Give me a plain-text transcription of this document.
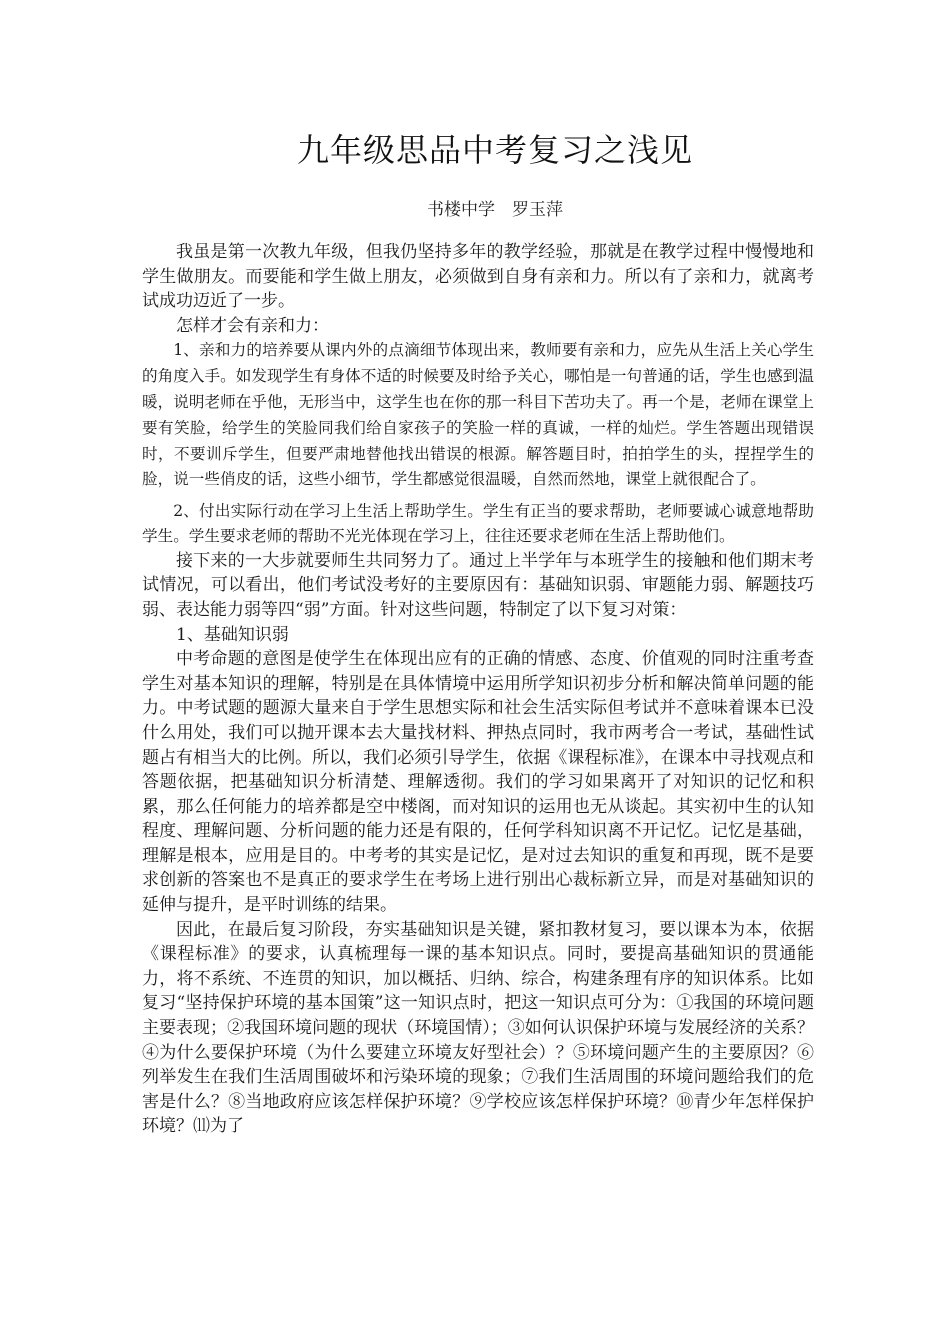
九年级思品中考复习之浅见
书楼中学　罗玉萍

我虽是第一次教九年级，但我仍坚持多年的教学经验，那就是在教学过程中慢慢地和学生做朋友。而要能和学生做上朋友，必须做到自身有亲和力。所以有了亲和力，就离考试成功迈近了一步。

怎样才会有亲和力：

1、亲和力的培养要从课内外的点滴细节体现出来，教师要有亲和力，应先从生活上关心学生的角度入手。如发现学生有身体不适的时候要及时给予关心，哪怕是一句普通的话，学生也感到温暖，说明老师在乎他，无形当中，这学生也在你的那一科目下苦功夫了。再一个是，老师在课堂上要有笑脸，给学生的笑脸同我们给自家孩子的笑脸一样的真诚，一样的灿烂。学生答题出现错误时，不要训斥学生，但要严肃地替他找出错误的根源。解答题目时，拍拍学生的头，捏捏学生的脸，说一些俏皮的话，这些小细节，学生都感觉很温暖，自然而然地，课堂上就很配合了。

2、付出实际行动在学习上生活上帮助学生。学生有正当的要求帮助，老师要诚心诚意地帮助学生。学生要求老师的帮助不光光体现在学习上，往往还要求老师在生活上帮助他们。

接下来的一大步就要师生共同努力了。通过上半学年与本班学生的接触和他们期末考试情况，可以看出，他们考试没考好的主要原因有：基础知识弱、审题能力弱、解题技巧弱、表达能力弱等四“弱”方面。针对这些问题，特制定了以下复习对策：

1、基础知识弱

中考命题的意图是使学生在体现出应有的正确的情感、态度、价值观的同时注重考查学生对基本知识的理解，特别是在具体情境中运用所学知识初步分析和解决简单问题的能力。中考试题的题源大量来自于学生思想实际和社会生活实际但考试并不意味着课本已没什么用处，我们可以抛开课本去大量找材料、押热点同时，我市两考合一考试，基础性试题占有相当大的比例。所以，我们必须引导学生，依据《课程标准》，在课本中寻找观点和答题依据，把基础知识分析清楚、理解透彻。我们的学习如果离开了对知识的记忆和积累，那么任何能力的培养都是空中楼阁，而对知识的运用也无从谈起。其实初中生的认知程度、理解问题、分析问题的能力还是有限的，任何学科知识离不开记忆。记忆是基础，理解是根本，应用是目的。中考考的其实是记忆，是对过去知识的重复和再现，既不是要求创新的答案也不是真正的要求学生在考场上进行别出心裁标新立异，而是对基础知识的延伸与提升，是平时训练的结果。

因此，在最后复习阶段，夯实基础知识是关键，紧扣教材复习，要以课本为本，依据《课程标准》的要求，认真梳理每一课的基本知识点。同时，要提高基础知识的贯通能力，将不系统、不连贯的知识，加以概括、归纳、综合，构建条理有序的知识体系。比如复习“坚持保护环境的基本国策”这一知识点时，把这一知识点可分为：①我国的环境问题主要表现；②我国环境问题的现状（环境国情）；③如何认识保护环境与发展经济的关系？　④为什么要保护环境（为什么要建立环境友好型社会）？⑤环境问题产生的主要原因？⑥列举发生在我们生活周围破坏和污染环境的现象；⑦我们生活周围的环境问题给我们的危害是什么？⑧当地政府应该怎样保护环境？⑨学校应该怎样保护环境？⑩青少年怎样保护环境？⑾为了
